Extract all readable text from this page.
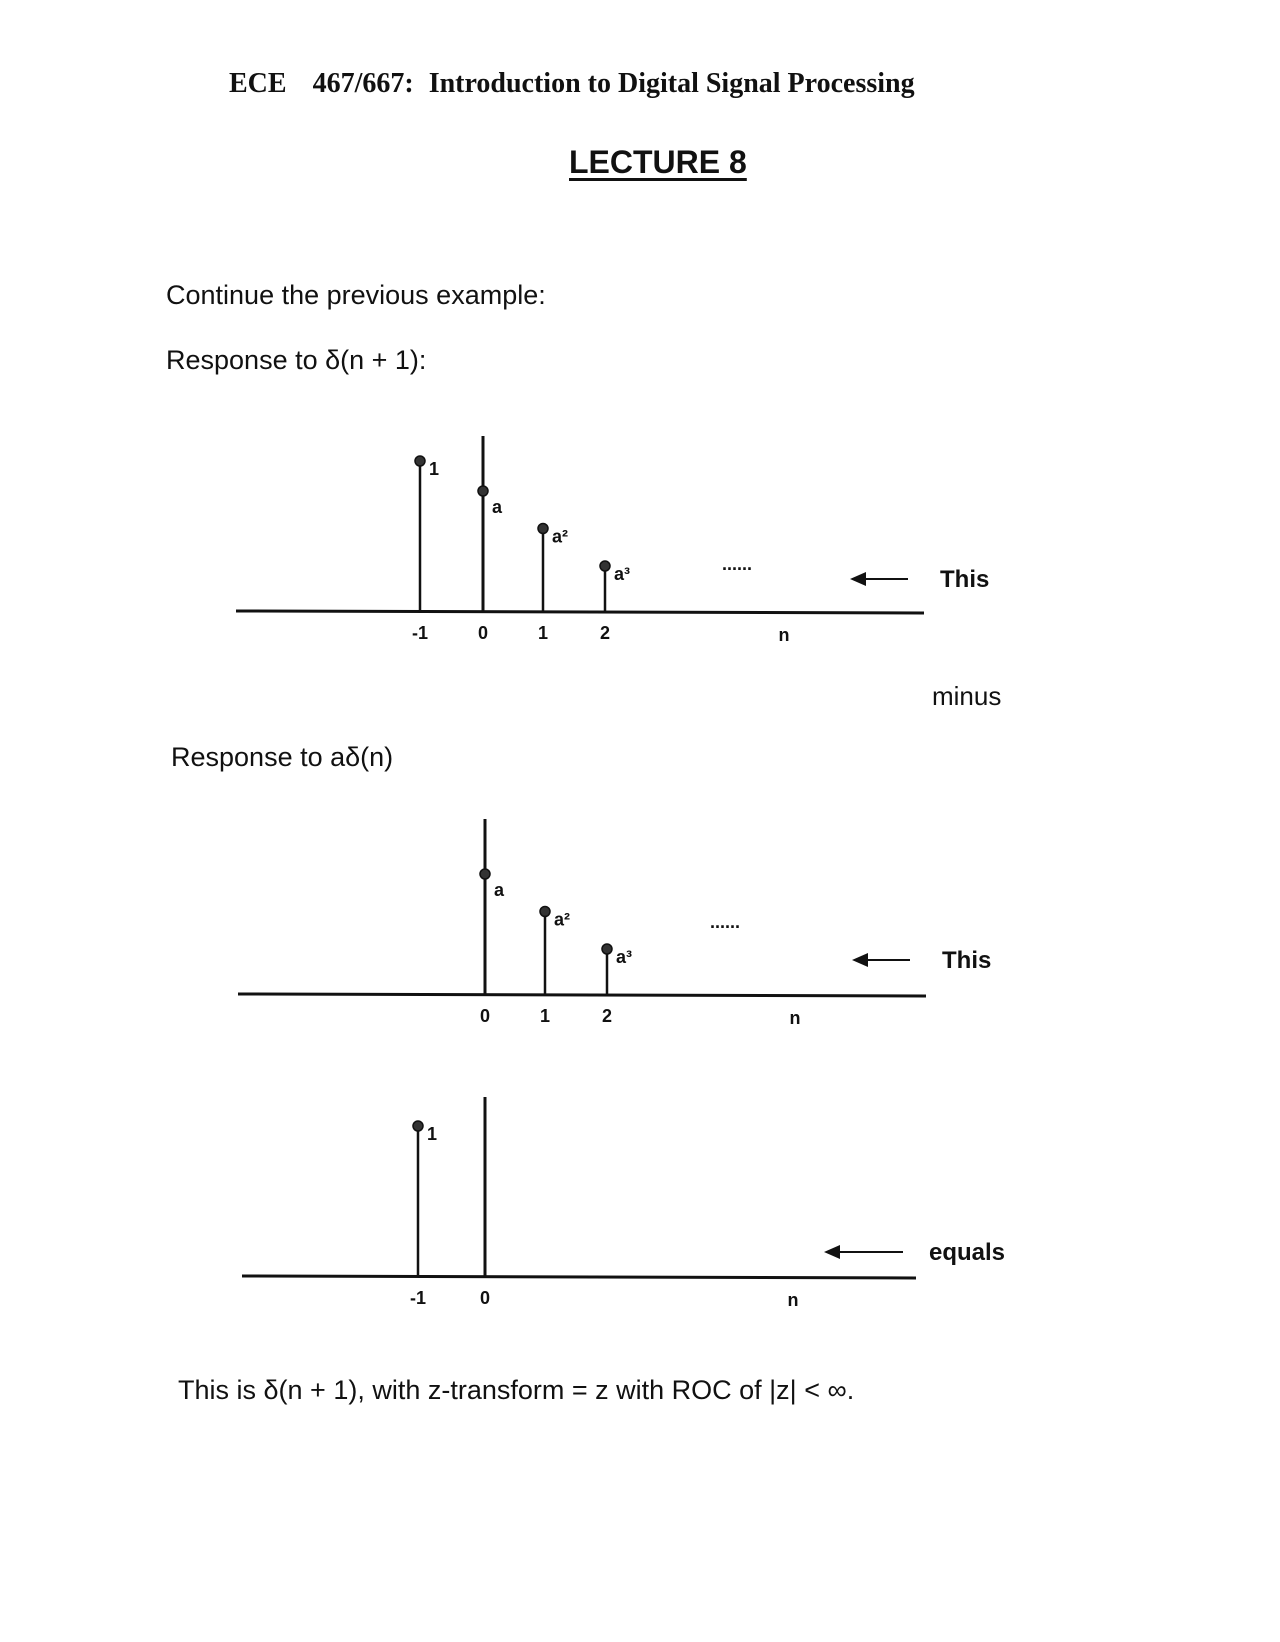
ECE 467/667: Introduction to Digital Signal Processing
LECTURE 8
Continue the previous example:
Response to δ(n + 1):
Response to aδ(n)
This is δ(n + 1), with z-transform = z with ROC of |z| < ∞.
-1
1
0
a
1
a²
2
a³
n
......
This
minus
0
a
1
a²
2
a³
n
......
This
-1
1
0	n
equals
